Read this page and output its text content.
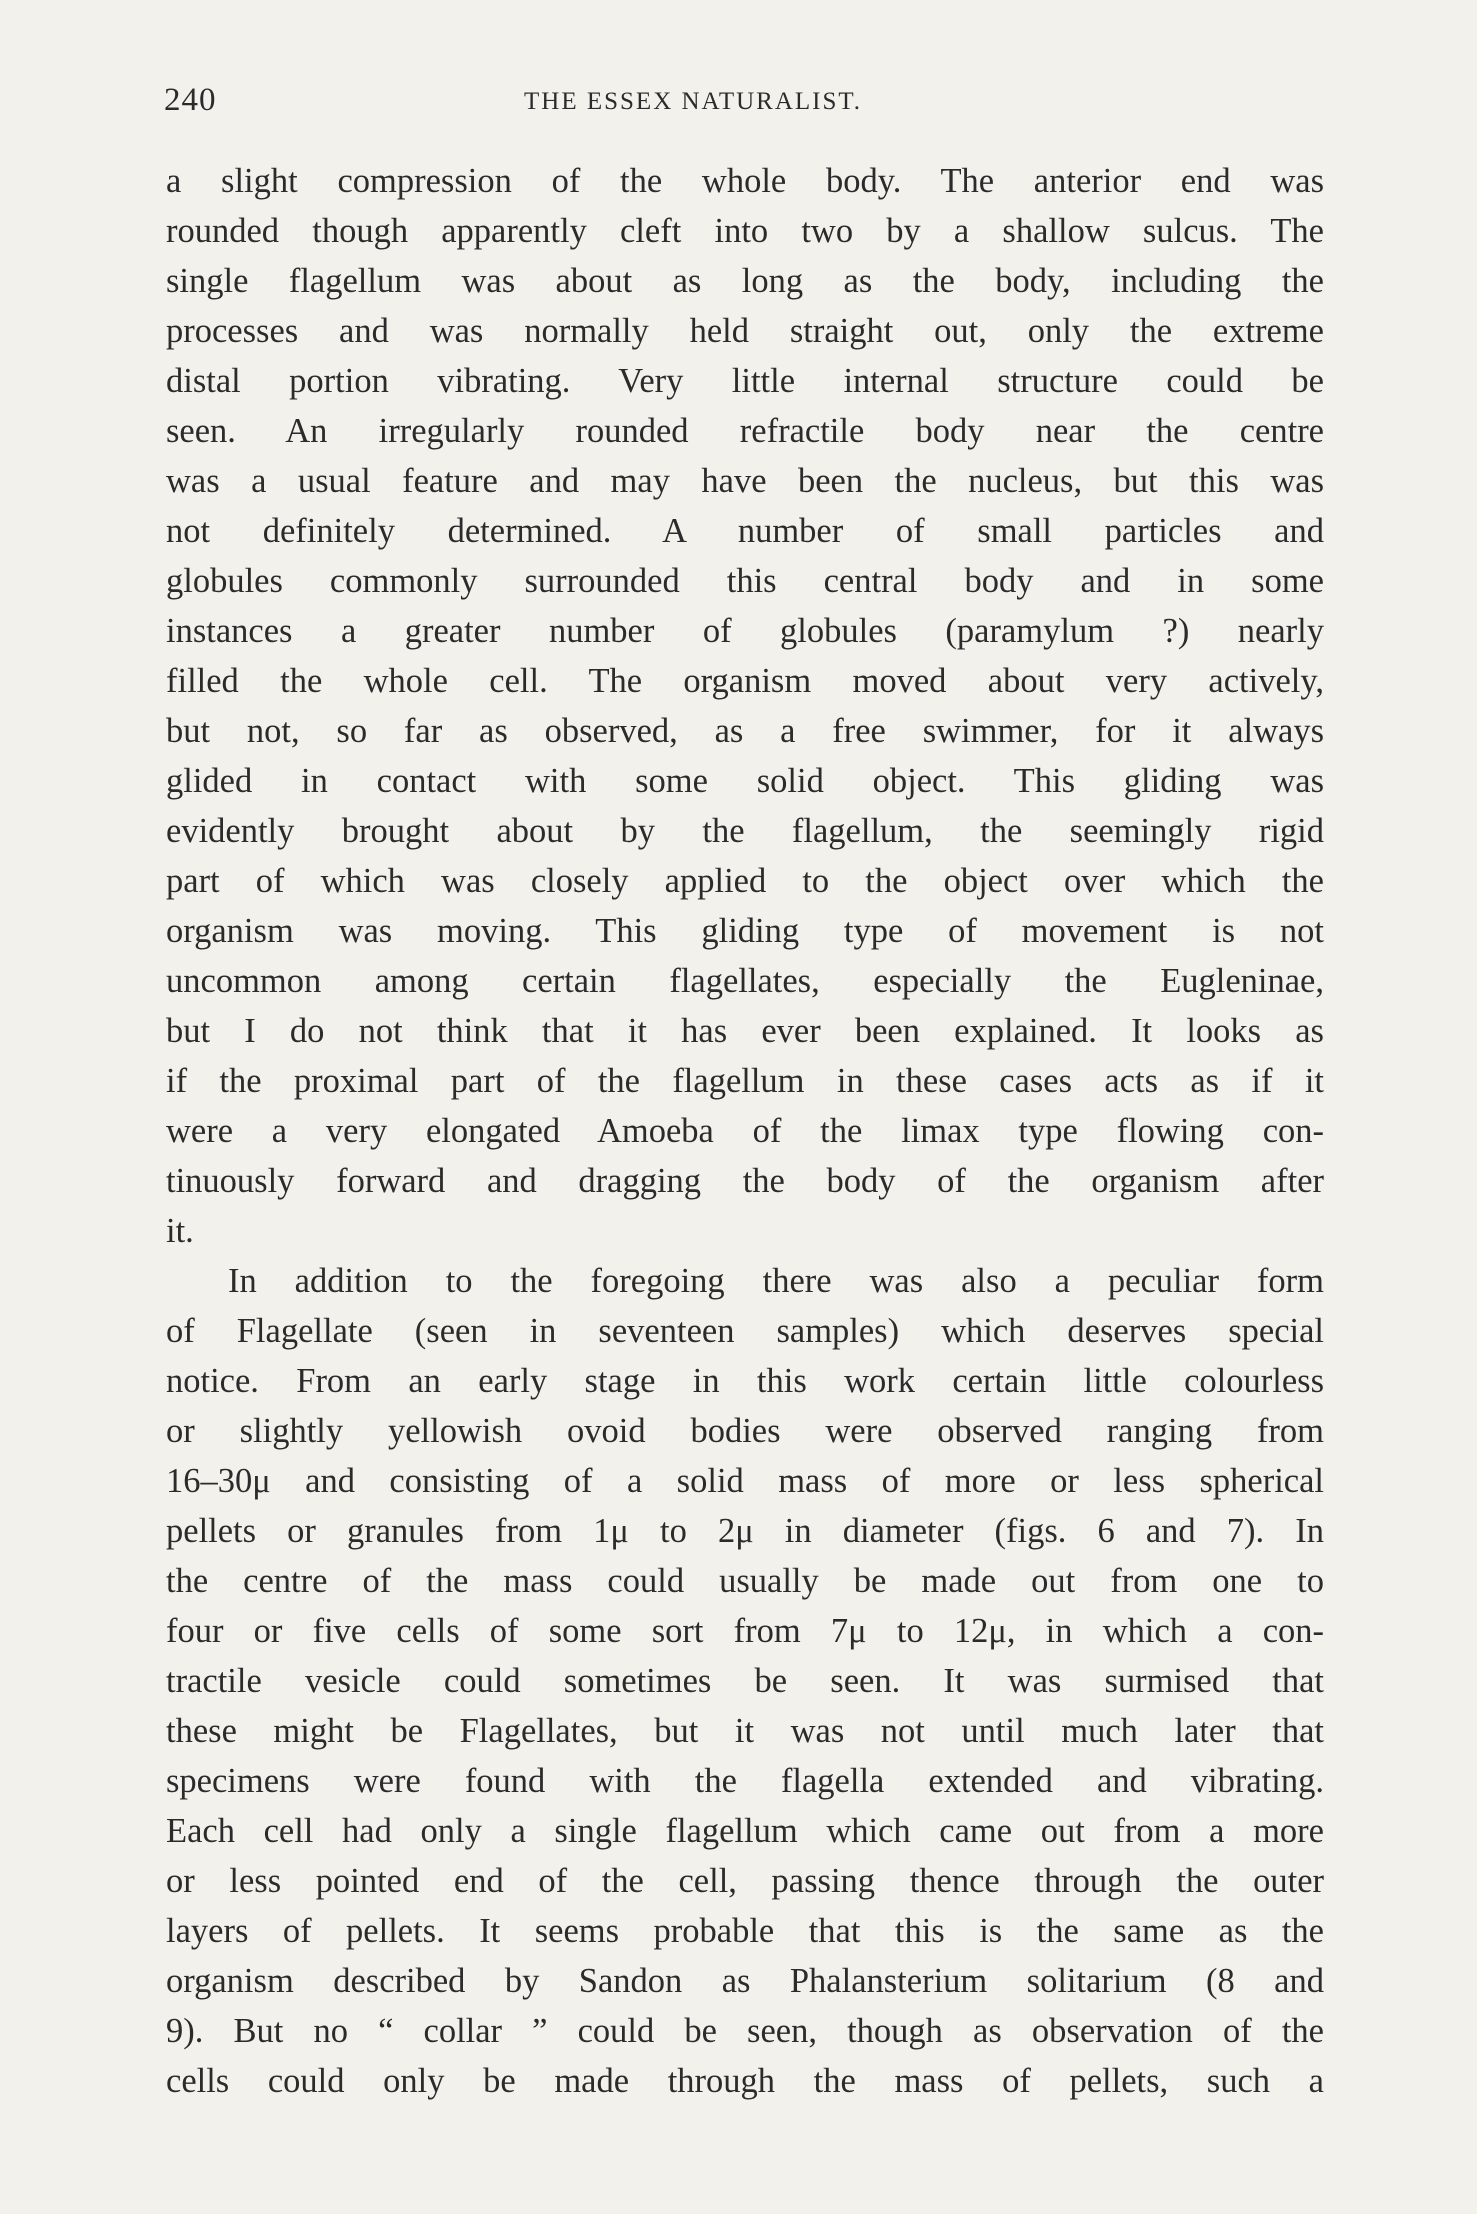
240	THE ESSEX NATURALIST.
a slight compression of the whole body. The anterior end was
rounded though apparently cleft into two by a shallow sulcus. The
single flagellum was about as long as the body, including the
processes and was normally held straight out, only the extreme
distal portion vibrating. Very little internal structure could be
seen. An irregularly rounded refractile body near the centre
was a usual feature and may have been the nucleus, but this was
not definitely determined. A number of small particles and
globules commonly surrounded this central body and in some
instances a greater number of globules (paramylum ?) nearly
filled the whole cell. The organism moved about very actively,
but not, so far as observed, as a free swimmer, for it always
glided in contact with some solid object. This gliding was
evidently brought about by the flagellum, the seemingly rigid
part of which was closely applied to the object over which the
organism was moving. This gliding type of movement is not
uncommon among certain flagellates, especially the Eugleninae,
but I do not think that it has ever been explained. It looks as
if the proximal part of the flagellum in these cases acts as if it
were a very elongated Amoeba of the limax type flowing con-
tinuously forward and dragging the body of the organism after
it.
In addition to the foregoing there was also a peculiar form
of Flagellate (seen in seventeen samples) which deserves special
notice. From an early stage in this work certain little colourless
or slightly yellowish ovoid bodies were observed ranging from
16–30μ and consisting of a solid mass of more or less spherical
pellets or granules from 1μ to 2μ in diameter (figs. 6 and 7). In
the centre of the mass could usually be made out from one to
four or five cells of some sort from 7μ to 12μ, in which a con-
tractile vesicle could sometimes be seen. It was surmised that
these might be Flagellates, but it was not until much later that
specimens were found with the flagella extended and vibrating.
Each cell had only a single flagellum which came out from a more
or less pointed end of the cell, passing thence through the outer
layers of pellets. It seems probable that this is the same as the
organism described by Sandon as Phalansterium solitarium (8 and
9). But no “ collar ” could be seen, though as observation of the
cells could only be made through the mass of pellets, such a
